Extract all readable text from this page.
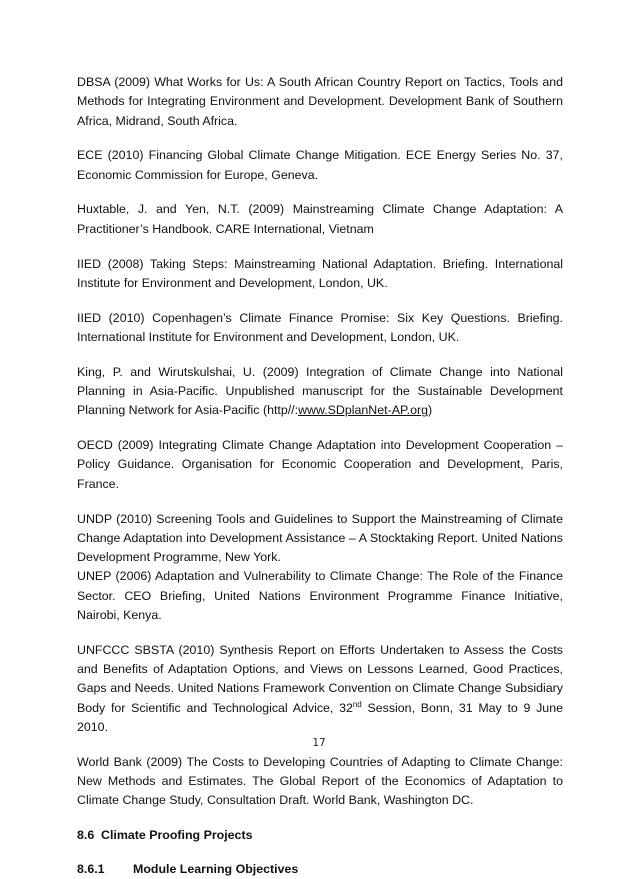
DBSA (2009) What Works for Us: A South African Country Report on Tactics, Tools and Methods for Integrating Environment and Development. Development Bank of Southern Africa, Midrand, South Africa.

ECE (2010) Financing Global Climate Change Mitigation. ECE Energy Series No. 37, Economic Commission for Europe, Geneva.

Huxtable, J. and Yen, N.T. (2009) Mainstreaming Climate Change Adaptation: A Practitioner’s Handbook. CARE International, Vietnam

IIED (2008) Taking Steps: Mainstreaming National Adaptation. Briefing. International Institute for Environment and Development, London, UK.

IIED (2010) Copenhagen’s Climate Finance Promise: Six Key Questions. Briefing. International Institute for Environment and Development, London, UK.

King, P. and Wirutskulshai, U. (2009) Integration of Climate Change into National Planning in Asia-Pacific. Unpublished manuscript for the Sustainable Development Planning Network for Asia-Pacific (http//:www.SDplanNet-AP.org)

OECD (2009) Integrating Climate Change Adaptation into Development Cooperation – Policy Guidance. Organisation for Economic Cooperation and Development, Paris, France.

UNDP (2010) Screening Tools and Guidelines to Support the Mainstreaming of Climate Change Adaptation into Development Assistance – A Stocktaking Report. United Nations Development Programme, New York.

UNEP (2006) Adaptation and Vulnerability to Climate Change: The Role of the Finance Sector. CEO Briefing, United Nations Environment Programme Finance Initiative, Nairobi, Kenya.

UNFCCC SBSTA (2010) Synthesis Report on Efforts Undertaken to Assess the Costs and Benefits of Adaptation Options, and Views on Lessons Learned, Good Practices, Gaps and Needs. United Nations Framework Convention on Climate Change Subsidiary Body for Scientific and Technological Advice, 32nd Session, Bonn, 31 May to 9 June 2010.

World Bank (2009) The Costs to Developing Countries of Adapting to Climate Change: New Methods and Estimates. The Global Report of the Economics of Adaptation to Climate Change Study, Consultation Draft. World Bank, Washington DC.

8.6 Climate Proofing Projects

8.6.1 Module Learning Objectives

17
